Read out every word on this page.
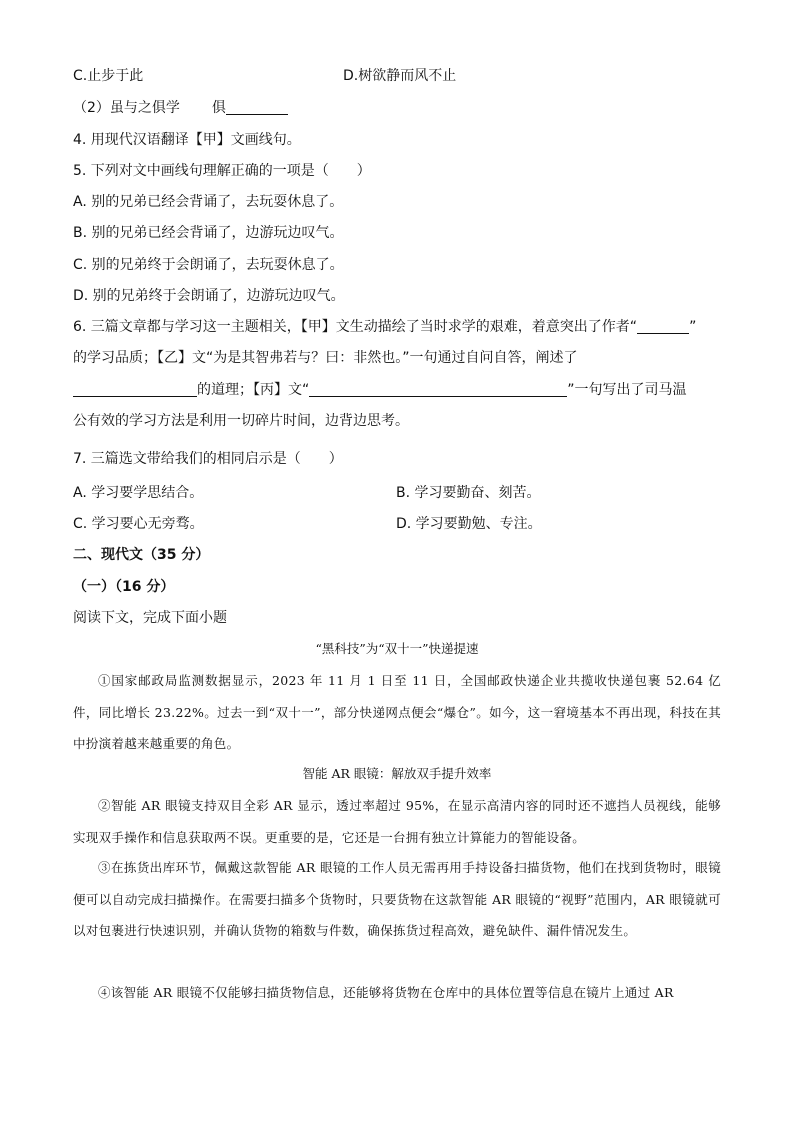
C.止步于此	D.树欲静而风不止
（2）虽与之俱学 俱
4. 用现代汉语翻译【甲】文画线句。
5. 下列对文中画线句理解正确的一项是（　　）
A. 别的兄弟已经会背诵了，去玩耍休息了。
B. 别的兄弟已经会背诵了，边游玩边叹气。
C. 别的兄弟终于会朗诵了，去玩耍休息了。
D. 别的兄弟终于会朗诵了，边游玩边叹气。
6. 三篇文章都与学习这一主题相关，【甲】文生动描绘了当时求学的艰难，着意突出了作者“	”
的学习品质；【乙】文“为是其智弗若与？曰：非然也。”一句通过自问自答，阐述了
的道理；【丙】文“	”一句写出了司马温
公有效的学习方法是利用一切碎片时间，边背边思考。
7. 三篇选文带给我们的相同启示是（　　）
A. 学习要学思结合。	B. 学习要勤奋、刻苦。
C. 学习要心无旁骛。	D. 学习要勤勉、专注。
二、现代文（35 分）
（一）（16 分）
阅读下文，完成下面小题
“黑科技”为“双十一”快递提速
①国家邮政局监测数据显示，2023 年 11 月 1 日至 11 日，全国邮政快递企业共揽收快递包裹 52.64 亿件，同比增长 23.22%。过去一到“双十一”，部分快递网点便会“爆仓”。如今，这一窘境基本不再出现，科技在其中扮演着越来越重要的角色。
智能 AR 眼镜：解放双手提升效率
②智能 AR 眼镜支持双目全彩 AR 显示，透过率超过 95%，在显示高清内容的同时还不遮挡人员视线，能够实现双手操作和信息获取两不误。更重要的是，它还是一台拥有独立计算能力的智能设备。
③在拣货出库环节，佩戴这款智能 AR 眼镜的工作人员无需再用手持设备扫描货物，他们在找到货物时，眼镜便可以自动完成扫描操作。在需要扫描多个货物时，只要货物在这款智能 AR 眼镜的“视野”范围内，AR 眼镜就可以对包裹进行快速识别，并确认货物的箱数与件数，确保拣货过程高效，避免缺件、漏件情况发生。
④该智能 AR 眼镜不仅能够扫描货物信息，还能够将货物在仓库中的具体位置等信息在镜片上通过 AR
